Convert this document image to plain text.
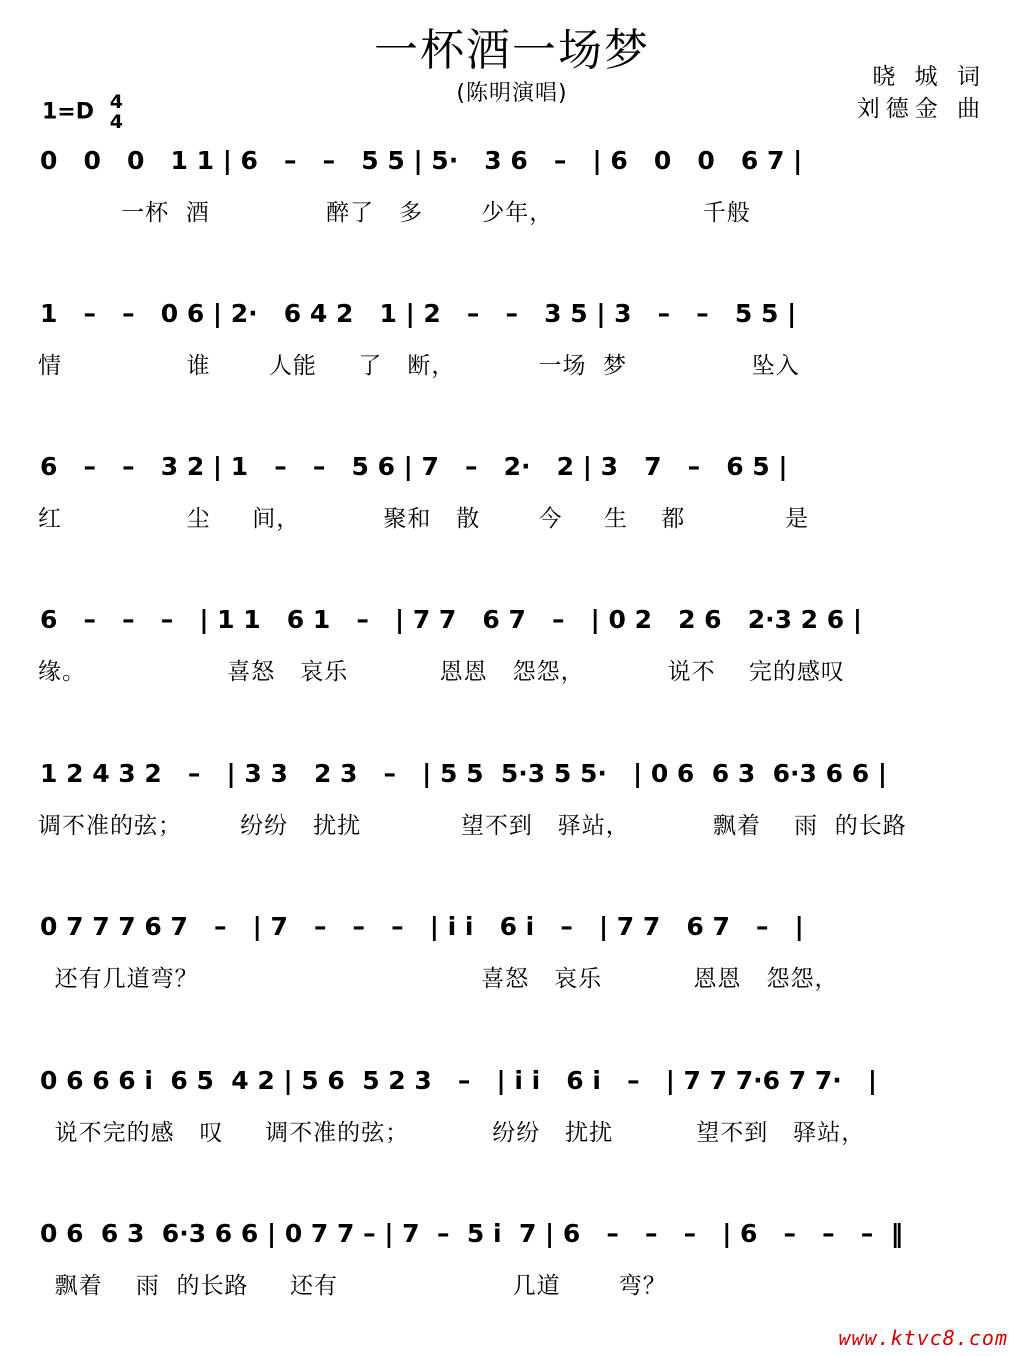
一杯酒一场梦
(陈明演唱)
晓 城 词
刘德金 曲
1=D 4
4
0   0   0   1 1 | 6   –   –   5 5 | 5·   3 6   –   | 6   0   0   6 7 |
一杯  酒              醉了   多       少年，                  千般
1   –   –   0 6 | 2·   6 4 2   1 | 2   –   –   3 5 | 3   –   –   5 5 |
情               谁       人能     了   断，          一场  梦               坠入
6   –   –   3 2 | 1   –   –   5 6 | 7   –   2·   2 | 3   7   –   6 5 |
红               尘     间，          聚和   散       今     生    都            是
6   –   –   –   | 1 1   6 1   –   | 7 7   6 7   –   | 0 2   2 6   2·3 2 6 |
缘。                 喜怒   哀乐           恩恩   怨怨，          说不    完的感叹
1 2 4 3 2   –   | 3 3   2 3   –   | 5 5  5·3 5 5·   | 0 6  6 3  6·3 6 6 |
调不准的弦；       纷纷   扰扰            望不到   驿站，          飘着    雨  的长路
0 7 7 7 6 7   –   | 7   –   –   –   | i i   6 i   –   | 7 7   6 7   –   |
还有几道弯？                                  喜怒   哀乐           恩恩   怨怨，
0 6 6 6 i  6 5  4 2 | 5 6  5 2 3   –   | i i   6 i   –   | 7 7 7·6 7 7·   |
说不完的感   叹     调不准的弦；          纷纷   扰扰          望不到   驿站，
0 6  6 3  6·3 6 6 | 0 7 7 – | 7  –  5 i  7 | 6   –   –   –   | 6   –   –   –  ‖
飘着    雨  的长路     还有                     几道       弯？
www.ktvc8.com
